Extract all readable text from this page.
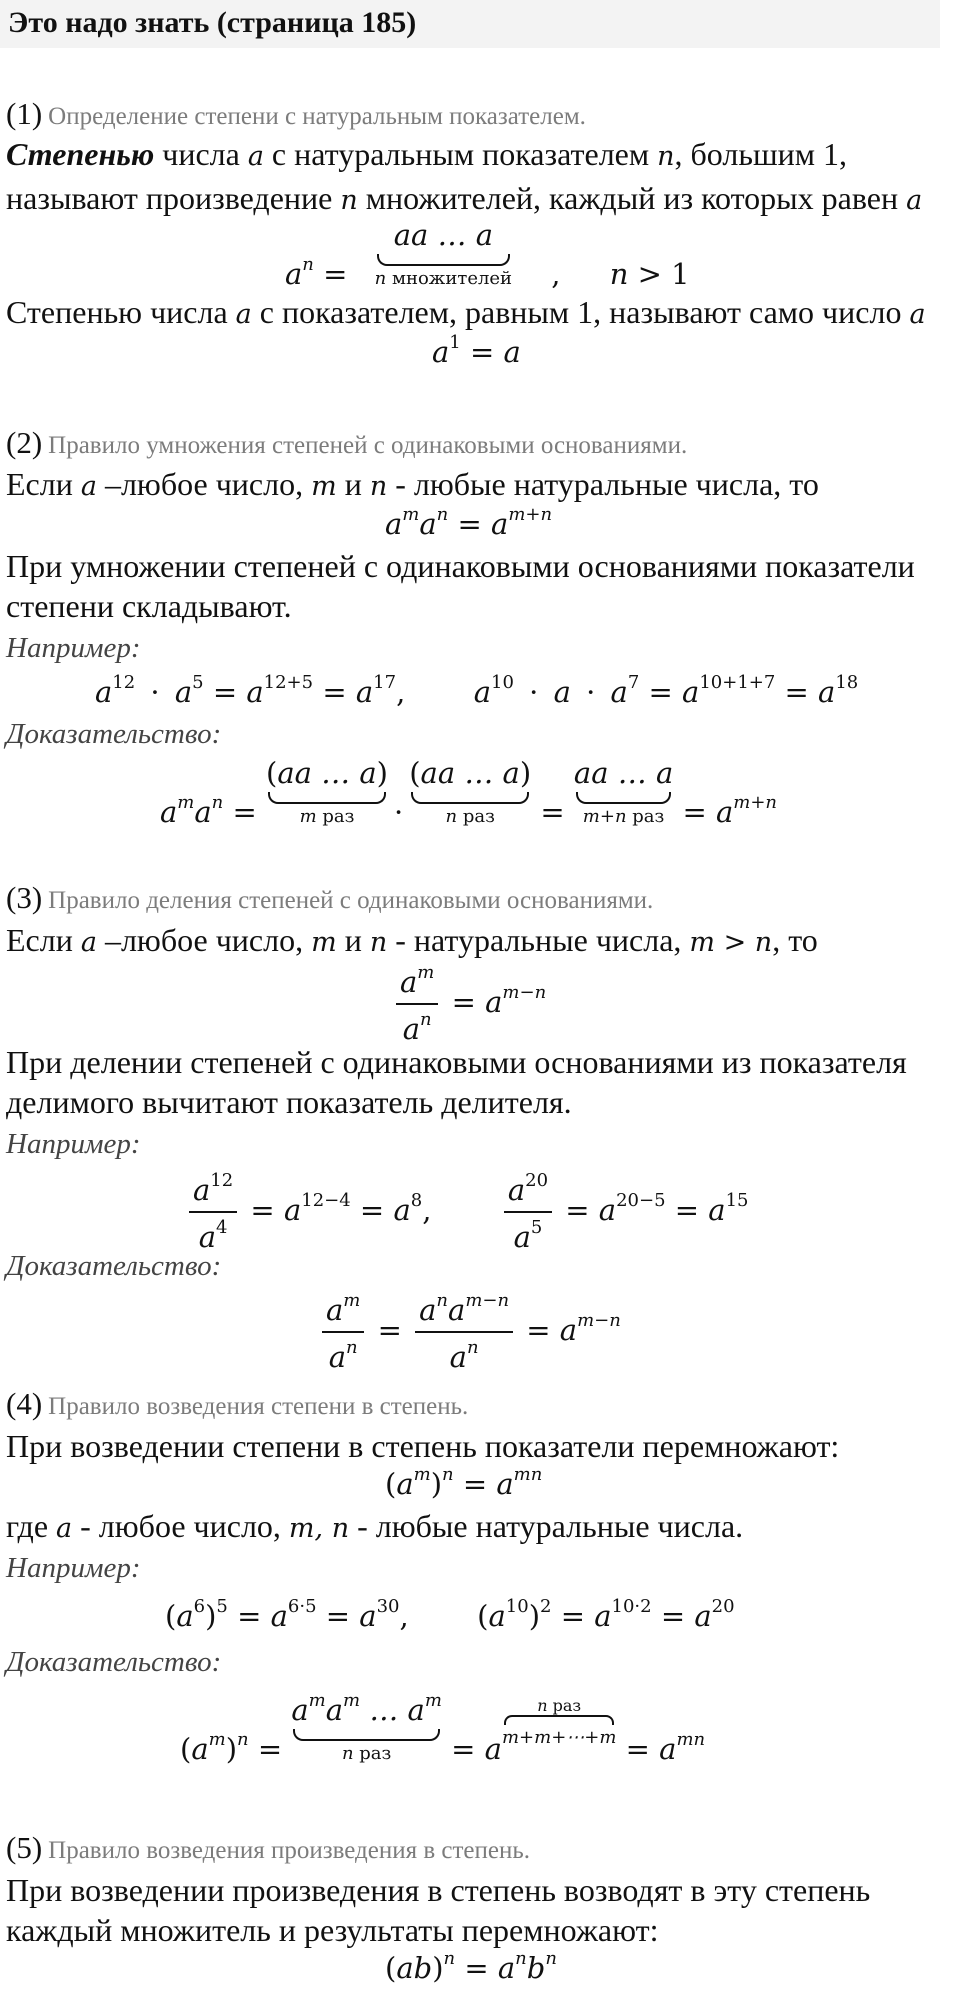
Это надо знать (страница 185)
(1) Определение степени с натуральным показателем.
Степенью числа a с натуральным показателем n, большим 1,
называют произведение n множителей, каждый из которых равен a
$a^n$ = aa … a
n множителей , n > 1
Степенью числа a с показателем, равным 1, называют само число a
$a^1 = a$
(2) Правило умножения степеней с одинаковыми основаниями.
Если a –любое число, m и n - любые натуральные числа, то
$a^ma^n = a^{m+n}$
При умножении степеней с одинаковыми основаниями показатели
степени складывают.
Например:
$a^{12} \cdot a^5 = a^{12+5} = a^{17}$,  $a^{10} \cdot a \cdot a^7 = a^{10+1+7} = a^{18}$
Доказательство:
$a^ma^n = (aa$ … a)
m раз	·(aa … a)
n раз	= aa … a
m+n раз = $a^{m+n}$
(3) Правило деления степеней с одинаковыми основаниями.
Если a –любое число, m и n - натуральные числа, m > n, то
$\frac{a^m}{a^n} = a^{m-n}$
При делении степеней с одинаковыми основаниями из показателя
делимого вычитают показатель делителя.
Например:
$\frac{a^{12}}{a^4} = a^{12-4} = a^8$, $\frac{a^{20}}{a^5} = a^{20-5} = a^{15}$
Доказательство:
$\frac{a^m}{a^n} = \frac{a^na^{m-n}}{a^n} = a^{m-n}$
(4) Правило возведения степени в степень.
При возведении степени в степень показатели перемножают:
$(a^m)^n = a^{mn}$
где a - любое число, m, n - любые натуральные числа.
Например:
$(a^6)^5 = a^{6\cdot 5} = a^{30}$, $(a^{10})^2 = a^{10\cdot 2} = a^{20}$
Доказательство:
$(a^m)^n = a^ma^m$ … $a^m$
n раз	= a
n раз
m+m+⋯+m = $a^{mn}$
(5) Правило возведения произведения в степень.
При возведении произведения в степень возводят в эту степень
каждый множитель и результаты перемножают:
$(ab)^n = a^nb^n$
